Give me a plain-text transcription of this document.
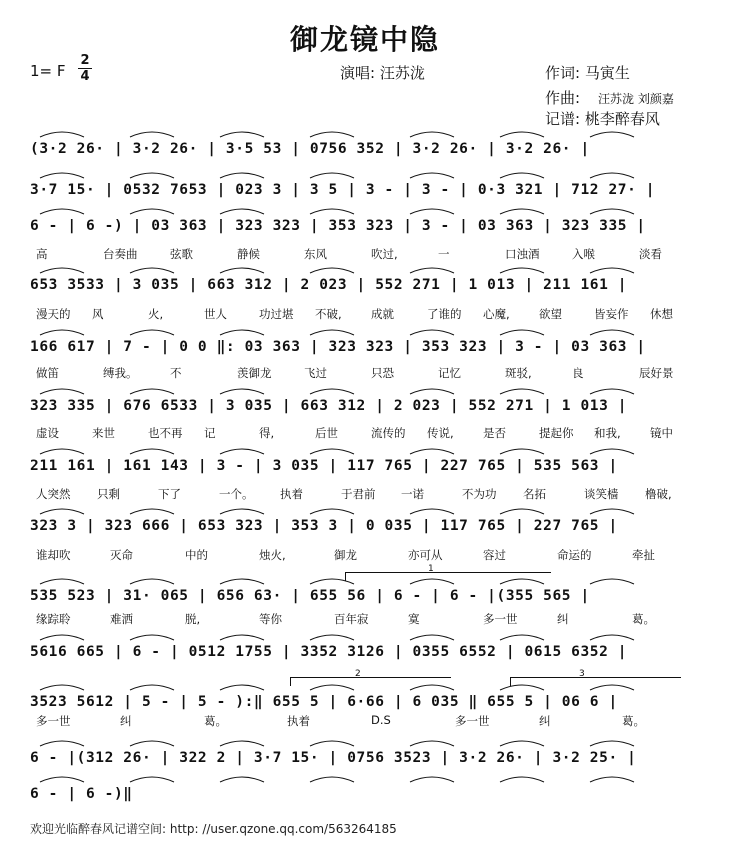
御龙镜中隐
1= F
2
4	演唱: 汪苏泷	作词: 马寅生
作曲: 汪苏泷 刘颜嘉
记谱: 桃李醉春风
(3·2 26· | 3·2 26· | 3·5 53 | 0756 352 | 3·2 26· | 3·2 26· |
3·7 15· | 0532 7653 | 023 3 | 3 5 | 3 - | 3 - | 0·3 321 | 712 27· |
6 - | 6 -) | 03 363 | 323 323 | 353 323 | 3 - | 03 363 | 323 335 |
653 3533 | 3 035 | 663 312 | 2 023 | 552 271 | 1 013 | 211 161 |
166 617 | 7 - | 0 0 ‖: 03 363 | 323 323 | 353 323 | 3 - | 03 363 |
323 335 | 676 6533 | 3 035 | 663 312 | 2 023 | 552 271 | 1 013 |
211 161 | 161 143 | 3 - | 3 035 | 117 765 | 227 765 | 535 563 |
323 3 | 323 666 | 653 323 | 353 3 | 0 035 | 117 765 | 227 765 |
535 523 | 31· 065 | 656 63· | 655 56 | 6 - | 6 - |(355 565 |
5616 665 | 6 - | 0512 1755 | 3352 3126 | 0355 6552 | 0615 6352 |
3523 5612 | 5 - | 5 - ):‖ 655 5 | 6·66 | 6 035 ‖ 655 5 | 06 6 |
6 - |(312 26· | 322 2 | 3·7 15· | 0756 3523 | 3·2 26· | 3·2 25· |
6 - | 6 -)‖
高	台奏曲	弦歌	静候	东风	吹过,	一	口浊酒	入喉	淡看
漫天的 风	火,	世人	功过堪 不破,	成就	了谁的 心魔,	欲望	皆妄作 休想
做笛	缚我。	不	羡御龙	飞过	只恐	记忆	斑驳,	良	辰好景
虚设	来世	也不再 记	得,	后世	流传的 传说,	是否	提起你 和我,	镜中
人突然 只剩	下了	一个。 执着	于君前 一诺	不为功 名拓	谈笑樯 橹破,
谁却吹	灭命	中的	烛火,	御龙	亦可从	容过	命运的	牵扯
缘踪聆	难洒	脱,	等你	百年寂	寞	多一世	纠	葛。
多一世	纠	葛。	执着	D.S	多一世	纠	葛。
1
2	3
欢迎光临醉春风记谱空间: http: //user.qzone.qq.com/563264185
